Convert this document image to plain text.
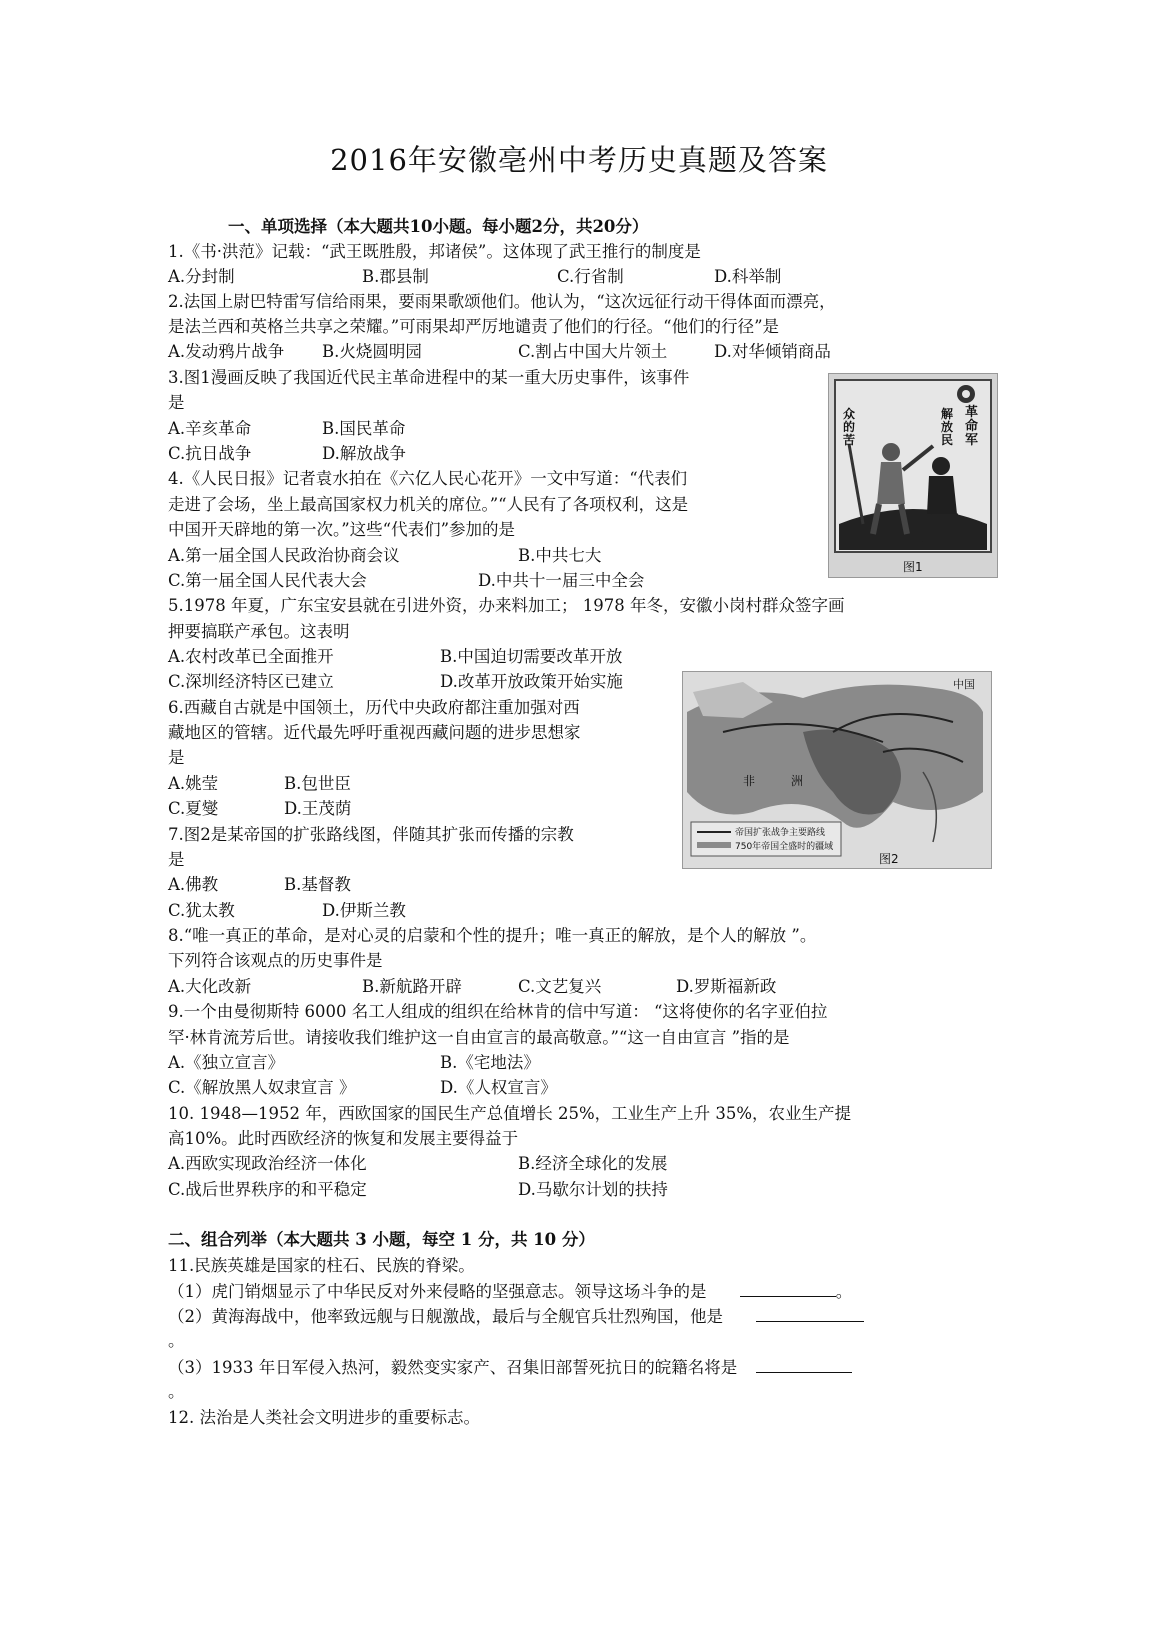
2016年安徽亳州中考历史真题及答案
一、单项选择（本大题共10小题。每小题2分，共20分）
1.《书·洪范》记载：“武王既胜殷，邦诸侯”。这体现了武王推行的制度是
A.分封制	B.郡县制	C.行省制	D.科举制
2.法国上尉巴特雷写信给雨果，要雨果歌颂他们。他认为，“这次远征行动干得体面而漂亮，
是法兰西和英格兰共享之荣耀。”可雨果却严厉地谴责了他们的行径。“他们的行径”是
A.发动鸦片战争 B.火烧圆明园	C.割占中国大片领土	D.对华倾销商品
3.图1漫画反映了我国近代民主革命进程中的某一重大历史事件，该事件
是
A.辛亥革命	B.国民革命
C.抗日战争	D.解放战争
4.《人民日报》记者袁水拍在《六亿人民心花开》一文中写道：“代表们
走进了会场，坐上最高国家权力机关的席位。”“人民有了各项权利，这是
中国开天辟地的第一次。”这些“代表们”参加的是
A.第一届全国人民政治协商会议	B.中共七大
C.第一届全国人民代表大会	D.中共十一届三中全会
5.1978 年夏，广东宝安县就在引进外资，办来料加工； 1978 年冬，安徽小岗村群众签字画
押要搞联产承包。这表明
A.农村改革已全面推开	B.中国迫切需要改革开放
C.深圳经济特区已建立	D.改革开放政策开始实施
6.西藏自古就是中国领土，历代中央政府都注重加强对西
藏地区的管辖。近代最先呼吁重视西藏问题的进步思想家
是
A.姚莹	B.包世臣
C.夏燮	D.王茂荫
7.图2是某帝国的扩张路线图，伴随其扩张而传播的宗教
是
A.佛教	B.基督教
C.犹太教	D.伊斯兰教
8.“唯一真正的革命，是对心灵的启蒙和个性的提升；唯一真正的解放，是个人的解放 ”。
下列符合该观点的历史事件是
A.大化改新	B.新航路开辟	C.文艺复兴	D.罗斯福新政
9.一个由曼彻斯特 6000 名工人组成的组织在给林肯的信中写道： “这将使你的名字亚伯拉
罕·林肯流芳后世。请接收我们维护这一自由宣言的最高敬意。”“这一自由宣言 ”指的是
A.《独立宣言》	B.《宅地法》
C.《解放黑人奴隶宣言 》	D.《人权宣言》
10. 1948—1952 年，西欧国家的国民生产总值增长 25%，工业生产上升 35%，农业生产提
高10%。此时西欧经济的恢复和发展主要得益于
A.西欧实现政治经济一体化	B.经济全球化的发展
C.战后世界秩序的和平稳定	D.马歇尔计划的扶持
二、组合列举（本大题共 3 小题，每空 1 分，共 10 分）
11.民族英雄是国家的柱石、民族的脊梁。
（1）虎门销烟显示了中华民反对外来侵略的坚强意志。领导这场斗争的是	。
（2）黄海海战中，他率致远舰与日舰激战，最后与全舰官兵壮烈殉国，他是
。
（3）1933 年日军侵入热河，毅然变实家产、召集旧部誓死抗日的皖籍名将是
。
12. 法治是人类社会文明进步的重要标志。
革命军
解放民
众的苦
图1
非	洲
中国
帝国扩张战争主要路线
750年帝国全盛时的疆域
图2
